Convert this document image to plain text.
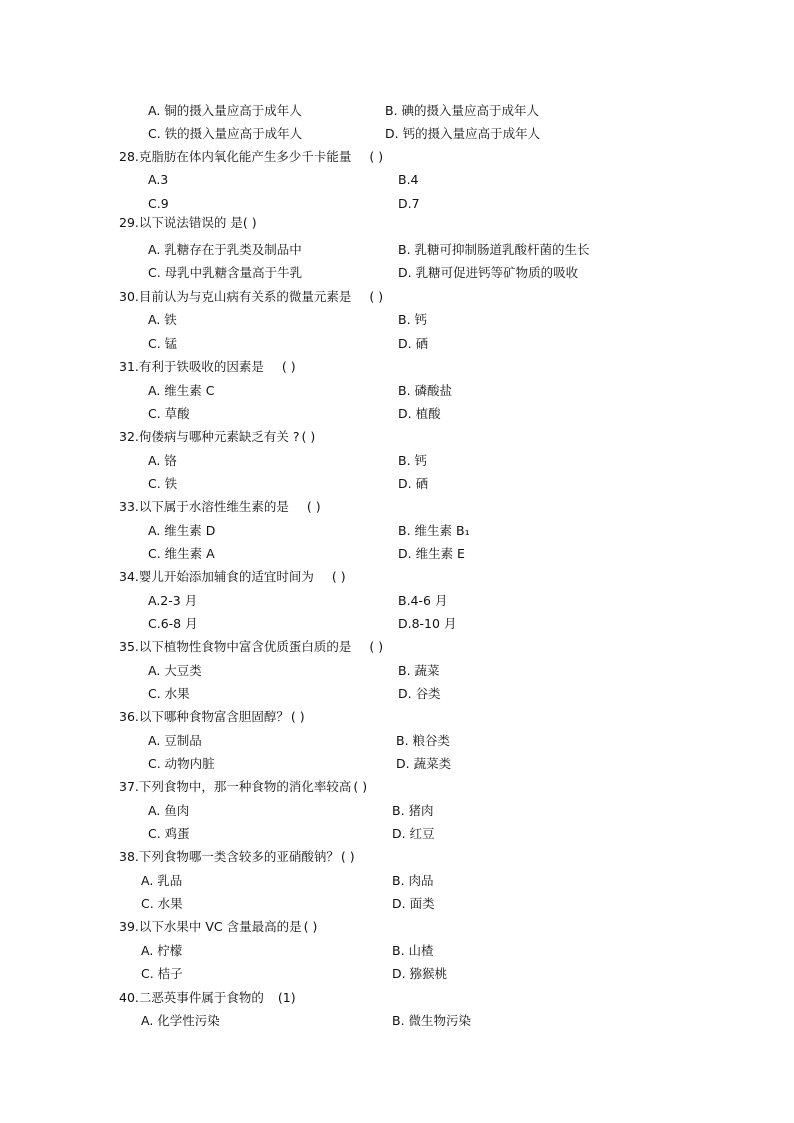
A. 铜的摄入量应高于成年人	B. 碘的摄入量应高于成年人
C. 铁的摄入量应高于成年人	D. 钙的摄入量应高于成年人
28.克脂肪在体内氧化能产生多少千卡能量 ( )
A.3	B.4
C.9	D.7
29.以下说法错误的 是( )
A. 乳糖存在于乳类及制品中	B. 乳糖可抑制肠道乳酸杆菌的生长
C. 母乳中乳糖含量高于牛乳	D. 乳糖可促进钙等矿物质的吸收
30.目前认为与克山病有关系的微量元素是 ( )
A. 铁	B. 钙
C. 锰	D. 硒
31.有利于铁吸收的因素是 ( )
A. 维生素 C	B. 磷酸盐
C. 草酸	D. 植酸
32.佝偻病与哪种元素缺乏有关 ? ( )
A. 铬	B. 钙
C. 铁	D. 硒
33.以下属于水溶性维生素的是 ( )
A. 维生素 D	B. 维生素 B₁
C. 维生素 A	D. 维生素 E
34.婴儿开始添加辅食的适宜时间为 ( )
A.2-3 月	B.4-6 月
C.6-8 月	D.8-10 月
35.以下植物性食物中富含优质蛋白质的是 ( )
A. 大豆类	B. 蔬菜
C. 水果	D. 谷类
36.以下哪种食物富含胆固醇？ ( )
A. 豆制品	B. 粮谷类
C. 动物内脏	D. 蔬菜类
37.下列食物中，那一种食物的消化率较高 ( )
A. 鱼肉	B. 猪肉
C. 鸡蛋	D. 红豆
38.下列食物哪一类含较多的亚硝酸钠？ ( )
A. 乳品	B. 肉品
C. 水果	D. 面类
39.以下水果中 VC 含量最高的是 ( )
A. 柠檬	B. 山楂
C. 桔子	D. 猕猴桃
40.二恶英事件属于食物的 (1)
A. 化学性污染	B. 微生物污染
